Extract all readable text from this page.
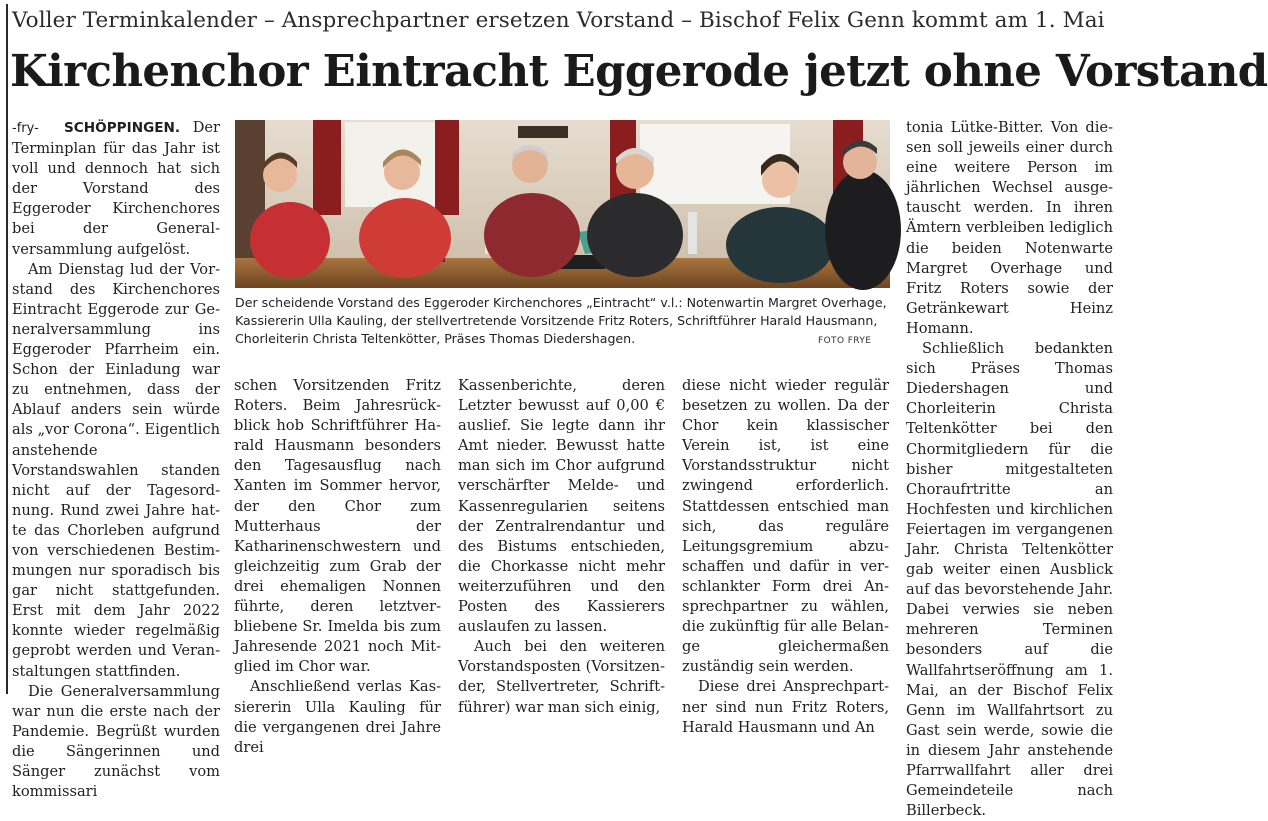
Voller Terminkalender – Ansprechpartner ersetzen Vorstand – Bischof Felix Genn kommt am 1. Mai
Kirchenchor Eintracht Eggerode jetzt ohne Vorstand

-fry- SCHÖPPINGEN. Der Terminplan für das Jahr ist voll und dennoch hat sich der Vorstand des Eggeroder Kirchenchores bei der Generalversammlung aufgelöst.

Am Dienstag lud der Vorstand des Kirchenchores Eintracht Eggerode zur Generalversammlung ins Eggeroder Pfarrheim ein. Schon der Einladung war zu entnehmen, dass der Ablauf anders sein würde als „vor Corona“. Eigentlich anstehende Vorstandswahlen standen nicht auf der Tagesordnung. Rund zwei Jahre hatte das Chorleben aufgrund von verschiedenen Bestimmungen nur sporadisch bis gar nicht stattgefunden. Erst mit dem Jahr 2022 konnte wieder regelmäßig geprobt werden und Veranstaltungen stattfinden.

Die Generalversammlung war nun die erste nach der Pandemie. Begrüßt wurden die Sängerinnen und Sänger zunächst vom kommissari

Der scheidende Vorstand des Eggeroder Kirchenchores „Eintracht“ v.l.: Notenwartin Margret Overhage, Kassiererin Ulla Kauling, der stellvertretende Vorsitzende Fritz Roters, Schriftführer Harald Hausmann, Chorleiterin Christa Teltenkötter, Präses Thomas Diedershagen.	FOTO FRYE

schen Vorsitzenden Fritz Roters. Beim Jahresrückblick hob Schriftführer Harald Hausmann besonders den Tagesausflug nach Xanten im Sommer hervor, der den Chor zum Mutterhaus der Katharinenschwestern und gleichzeitig zum Grab der drei ehemaligen Nonnen führte, deren letztverbliebene Sr. Imelda bis zum Jahresende 2021 noch Mitglied im Chor war.

Anschließend verlas Kassiererin Ulla Kauling für die vergangenen drei Jahre drei

Kassenberichte, deren Letzter bewusst auf 0,00 € auslief. Sie legte dann ihr Amt nieder. Bewusst hatte man sich im Chor aufgrund verschärfter Melde- und Kassenregularien seitens der Zentralrendantur und des Bistums entschieden, die Chorkasse nicht mehr weiterzuführen und den Posten des Kassierers auslaufen zu lassen.

Auch bei den weiteren Vorstandsposten (Vorsitzender, Stellvertreter, Schriftführer) war man sich einig,

diese nicht wieder regulär besetzen zu wollen. Da der Chor kein klassischer Verein ist, ist eine Vorstandsstruktur nicht zwingend erforderlich. Stattdessen entschied man sich, das reguläre Leitungsgremium abzuschaffen und dafür in verschlankter Form drei Ansprechpartner zu wählen, die zukünftig für alle Belange gleichermaßen zuständig sein werden.

Diese drei Ansprechpartner sind nun Fritz Roters, Harald Hausmann und An

tonia Lütke-Bitter. Von diesen soll jeweils einer durch eine weitere Person im jährlichen Wechsel ausgetauscht werden. In ihren Ämtern verbleiben lediglich die beiden Notenwarte Margret Overhage und Fritz Roters sowie der Getränkewart Heinz Homann.

Schließlich bedankten sich Präses Thomas Diedershagen und Chorleiterin Christa Teltenkötter bei den Chormitgliedern für die bisher mitgestalteten Choraufrtritte an Hochfesten und kirchlichen Feiertagen im vergangenen Jahr. Christa Teltenkötter gab weiter einen Ausblick auf das bevorstehende Jahr. Dabei verwies sie neben mehreren Terminen besonders auf die Wallfahrtseröffnung am 1. Mai, an der Bischof Felix Genn im Wallfahrtsort zu Gast sein werde, sowie die in diesem Jahr anstehende Pfarrwallfahrt aller drei Gemeindeteile nach Billerbeck.
